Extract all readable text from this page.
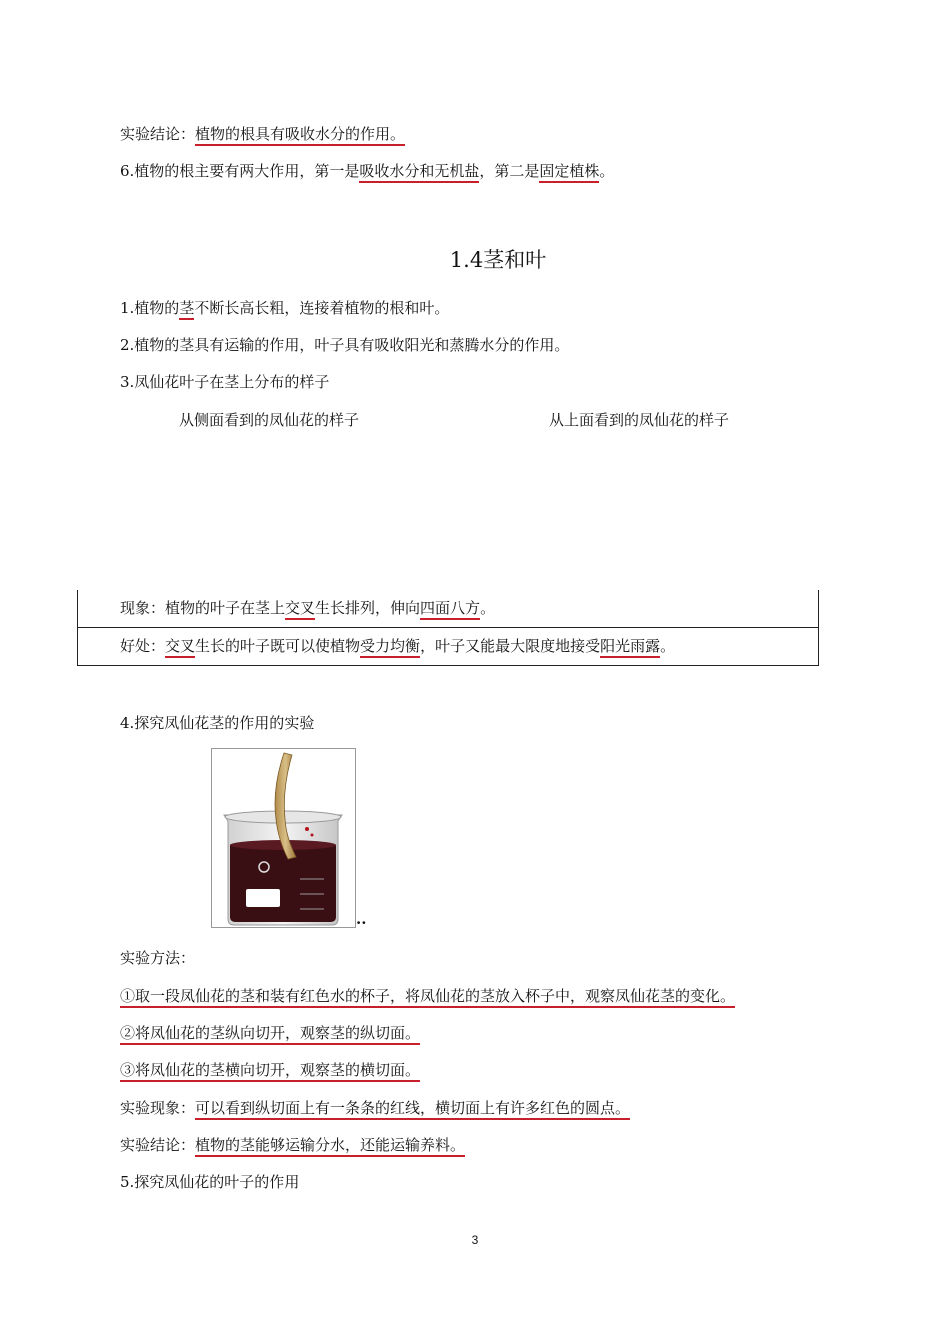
实验结论：植物的根具有吸收水分的作用。
6.植物的根主要有两大作用，第一是吸收水分和无机盐，第二是固定植株。
1.4茎和叶
1.植物的茎不断长高长粗，连接着植物的根和叶。
2.植物的茎具有运输的作用，叶子具有吸收阳光和蒸腾水分的作用。
3.凤仙花叶子在茎上分布的样子
从侧面看到的凤仙花的样子	从上面看到的凤仙花的样子
现象：植物的叶子在茎上交叉生长排列，伸向四面八方。
好处：交叉生长的叶子既可以使植物受力均衡，叶子又能最大限度地接受阳光雨露。
4.探究凤仙花茎的作用的实验
..
实验方法：
①取一段凤仙花的茎和装有红色水的杯子，将凤仙花的茎放入杯子中，观察凤仙花茎的变化。
②将凤仙花的茎纵向切开，观察茎的纵切面。
③将凤仙花的茎横向切开，观察茎的横切面。
实验现象：可以看到纵切面上有一条条的红线，横切面上有许多红色的圆点。
实验结论：植物的茎能够运输分水，还能运输养料。
5.探究凤仙花的叶子的作用
3
